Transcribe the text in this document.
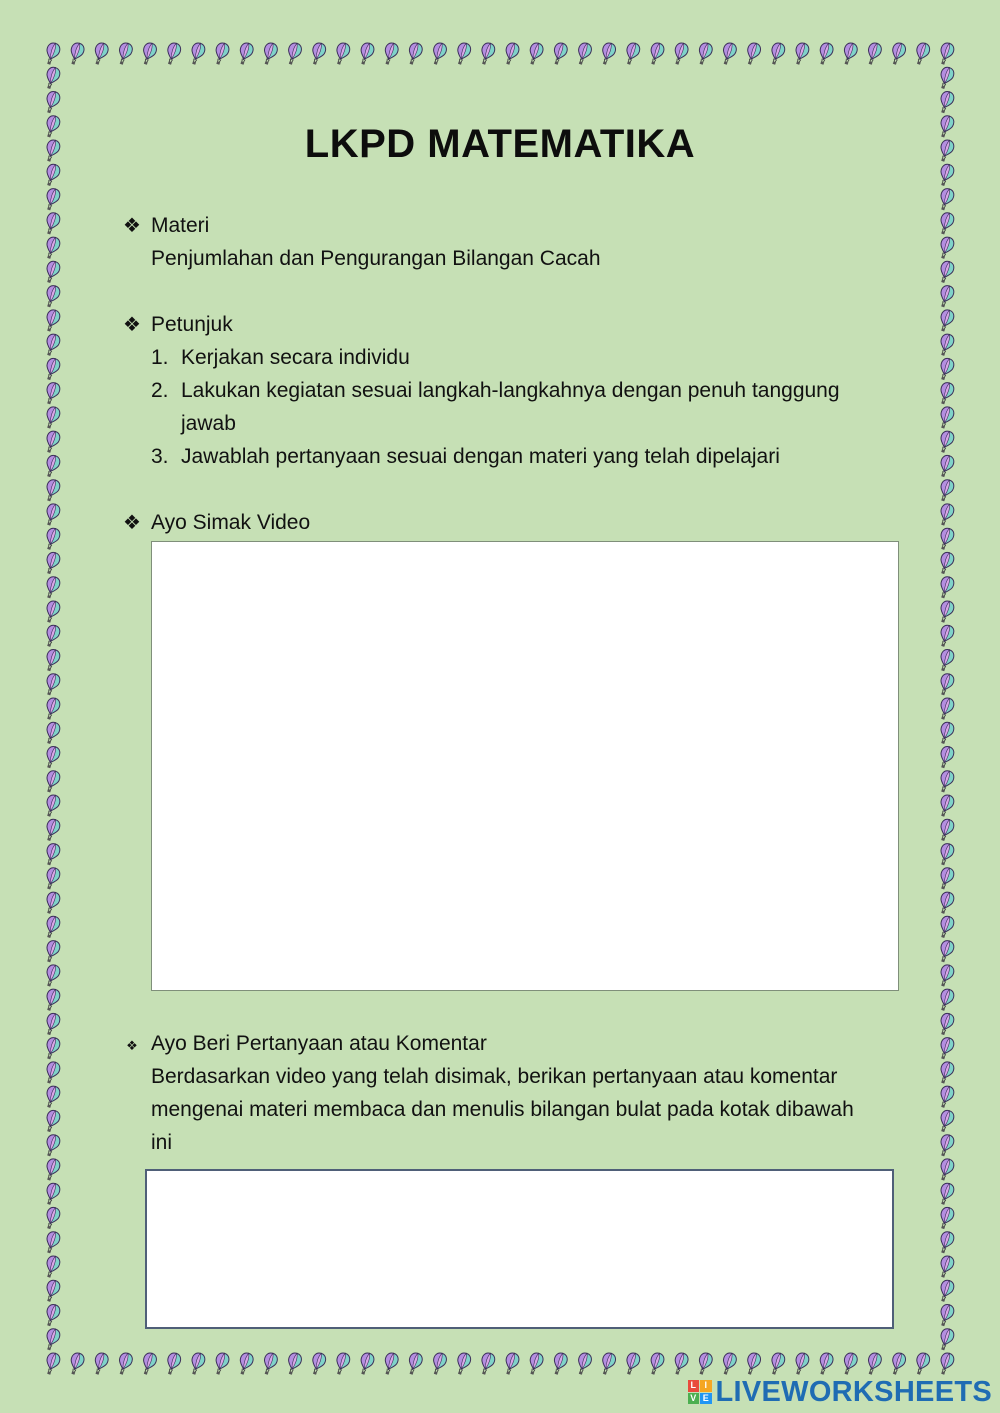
LKPD MATEMATIKA
❖ Materi
Penjumlahan dan Pengurangan Bilangan Cacah
❖ Petunjuk
1. Kerjakan secara individu
2. Lakukan kegiatan sesuai langkah-langkahnya dengan penuh tanggung
jawab
3. Jawablah pertanyaan sesuai dengan materi yang telah dipelajari
❖ Ayo Simak Video
❖ Ayo Beri Pertanyaan atau Komentar
Berdasarkan video yang telah disimak, berikan pertanyaan atau komentar
mengenai materi membaca dan menulis bilangan bulat pada kotak dibawah
ini
L I
V E LIVEWORKSHEETS
